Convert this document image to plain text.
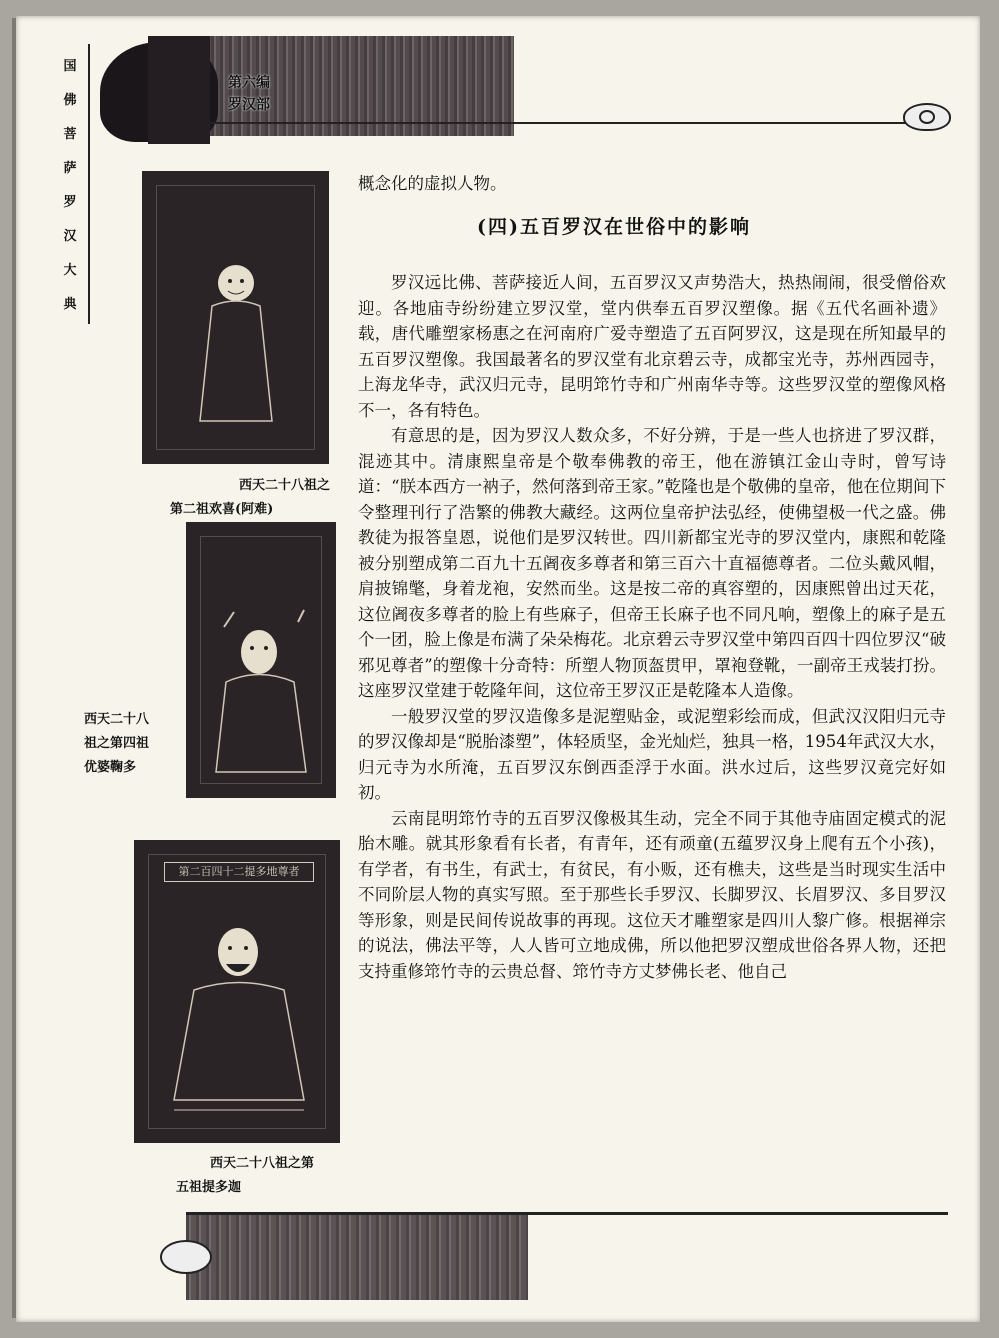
国佛菩萨罗汉大典
第六编
罗汉部
西天二十八祖之
第二祖欢喜(阿难)
西天二十八
祖之第四祖
优婆鞠多
第二百四十二提多地尊者
西天二十八祖之第
五祖提多迦
概念化的虚拟人物。
(四)五百罗汉在世俗中的影响

罗汉远比佛、菩萨接近人间，五百罗汉又声势浩大，热热闹闹，很受僧俗欢迎。各地庙寺纷纷建立罗汉堂，堂内供奉五百罗汉塑像。据《五代名画补遗》载，唐代雕塑家杨惠之在河南府广爱寺塑造了五百阿罗汉，这是现在所知最早的五百罗汉塑像。我国最著名的罗汉堂有北京碧云寺，成都宝光寺，苏州西园寺，上海龙华寺，武汉归元寺，昆明筇竹寺和广州南华寺等。这些罗汉堂的塑像风格不一，各有特色。

有意思的是，因为罗汉人数众多，不好分辨，于是一些人也挤进了罗汉群，混迹其中。清康熙皇帝是个敬奉佛教的帝王，他在游镇江金山寺时，曾写诗道：“朕本西方一衲子，然何落到帝王家。”乾隆也是个敬佛的皇帝，他在位期间下令整理刊行了浩繁的佛教大藏经。这两位皇帝护法弘经，使佛望极一代之盛。佛教徒为报答皇恩，说他们是罗汉转世。四川新都宝光寺的罗汉堂内，康熙和乾隆被分别塑成第二百九十五阇夜多尊者和第三百六十直福德尊者。二位头戴风帽，肩披锦氅，身着龙袍，安然而坐。这是按二帝的真容塑的，因康熙曾出过天花，这位阇夜多尊者的脸上有些麻子，但帝王长麻子也不同凡响，塑像上的麻子是五个一团，脸上像是布满了朵朵梅花。北京碧云寺罗汉堂中第四百四十四位罗汉“破邪见尊者”的塑像十分奇特：所塑人物顶盔贯甲，罩袍登靴，一副帝王戎装打扮。这座罗汉堂建于乾隆年间，这位帝王罗汉正是乾隆本人造像。

一般罗汉堂的罗汉造像多是泥塑贴金，或泥塑彩绘而成，但武汉汉阳归元寺的罗汉像却是“脱胎漆塑”，体轻质坚，金光灿烂，独具一格，1954年武汉大水，归元寺为水所淹，五百罗汉东倒西歪浮于水面。洪水过后，这些罗汉竟完好如初。

云南昆明筇竹寺的五百罗汉像极其生动，完全不同于其他寺庙固定模式的泥胎木雕。就其形象看有长者，有青年，还有顽童(五蕴罗汉身上爬有五个小孩)，有学者，有书生，有武士，有贫民，有小贩，还有樵夫，这些是当时现实生活中不同阶层人物的真实写照。至于那些长手罗汉、长脚罗汉、长眉罗汉、多目罗汉等形象，则是民间传说故事的再现。这位天才雕塑家是四川人黎广修。根据禅宗的说法，佛法平等，人人皆可立地成佛，所以他把罗汉塑成世俗各界人物，还把支持重修筇竹寺的云贵总督、筇竹寺方丈梦佛长老、他自己
